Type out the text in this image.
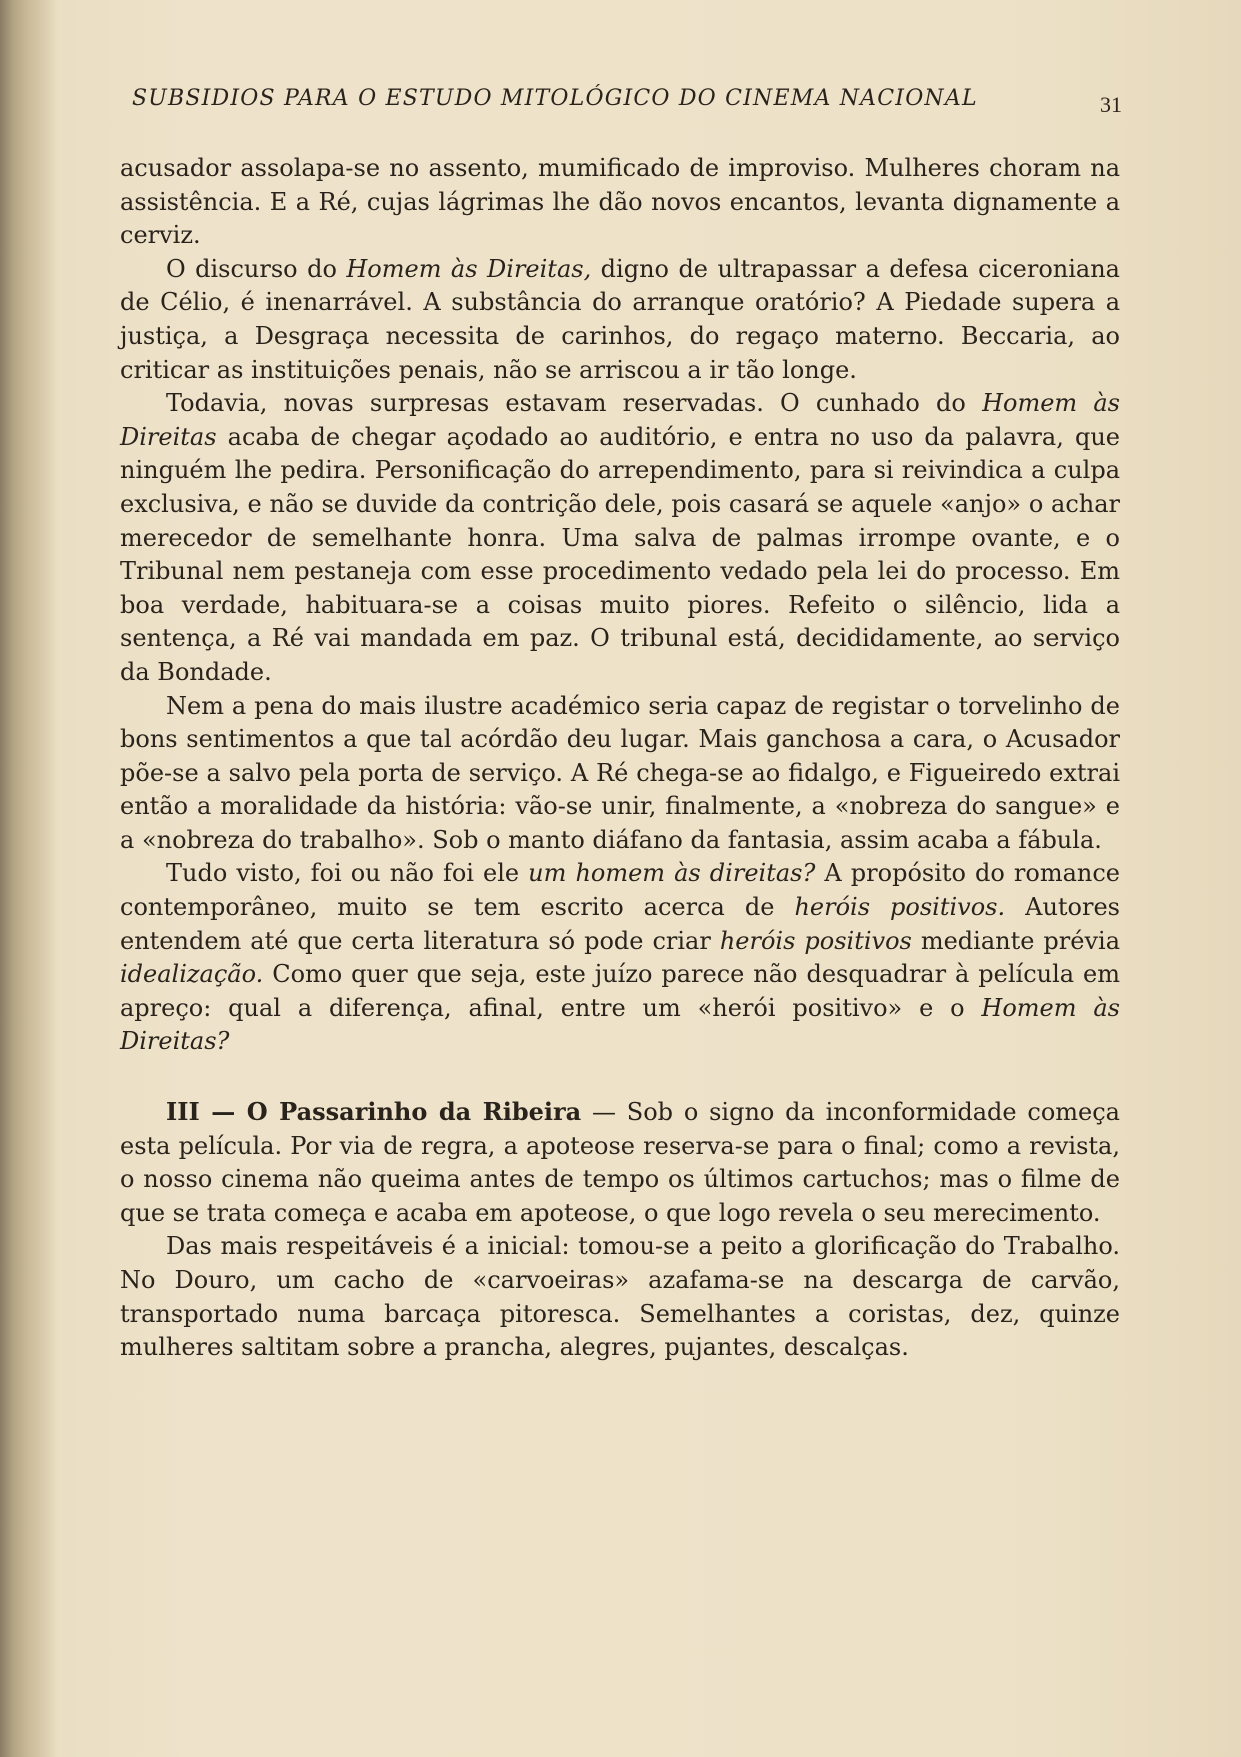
SUBSIDIOS PARA O ESTUDO MITOLÓGICO DO CINEMA NACIONAL	31

acusador assolapa-se no assento, mumificado de improviso. Mulheres choram na assistência. E a Ré, cujas lágrimas lhe dão novos encantos, levanta dignamente a cerviz.

O discurso do Homem às Direitas, digno de ultrapassar a defesa ciceroniana de Célio, é inenarrável. A substância do arranque oratório? A Piedade supera a justiça, a Desgraça necessita de carinhos, do regaço materno. Beccaria, ao criticar as instituições penais, não se arriscou a ir tão longe.

Todavia, novas surpresas estavam reservadas. O cunhado do Homem às Direitas acaba de chegar açodado ao auditório, e entra no uso da palavra, que ninguém lhe pedira. Personificação do arrependimento, para si reivindica a culpa exclusiva, e não se duvide da contrição dele, pois casará se aquele «anjo» o achar merecedor de semelhante honra. Uma salva de palmas irrompe ovante, e o Tribunal nem pestaneja com esse procedimento vedado pela lei do processo. Em boa verdade, habituara-se a coisas muito piores. Refeito o silêncio, lida a sentença, a Ré vai mandada em paz. O tribunal está, decididamente, ao serviço da Bondade.

Nem a pena do mais ilustre académico seria capaz de registar o torvelinho de bons sentimentos a que tal acórdão deu lugar. Mais ganchosa a cara, o Acusador põe-se a salvo pela porta de serviço. A Ré chega-se ao fidalgo, e Figueiredo extrai então a moralidade da história: vão-se unir, finalmente, a «nobreza do sangue» e a «nobreza do trabalho». Sob o manto diáfano da fantasia, assim acaba a fábula.

Tudo visto, foi ou não foi ele um homem às direitas? A propósito do romance contemporâneo, muito se tem escrito acerca de heróis positivos. Autores entendem até que certa literatura só pode criar heróis positivos mediante prévia idealização. Como quer que seja, este juízo parece não desquadrar à película em apreço: qual a diferença, afinal, entre um «herói positivo» e o Homem às Direitas?

III — O Passarinho da Ribeira — Sob o signo da inconformidade começa esta película. Por via de regra, a apoteose reserva-se para o final; como a revista, o nosso cinema não queima antes de tempo os últimos cartuchos; mas o filme de que se trata começa e acaba em apoteose, o que logo revela o seu merecimento.

Das mais respeitáveis é a inicial: tomou-se a peito a glorificação do Trabalho. No Douro, um cacho de «carvoeiras» azafama-se na descarga de carvão, transportado numa barcaça pitoresca. Semelhantes a coristas, dez, quinze mulheres saltitam sobre a prancha, alegres, pujantes, descalças.
